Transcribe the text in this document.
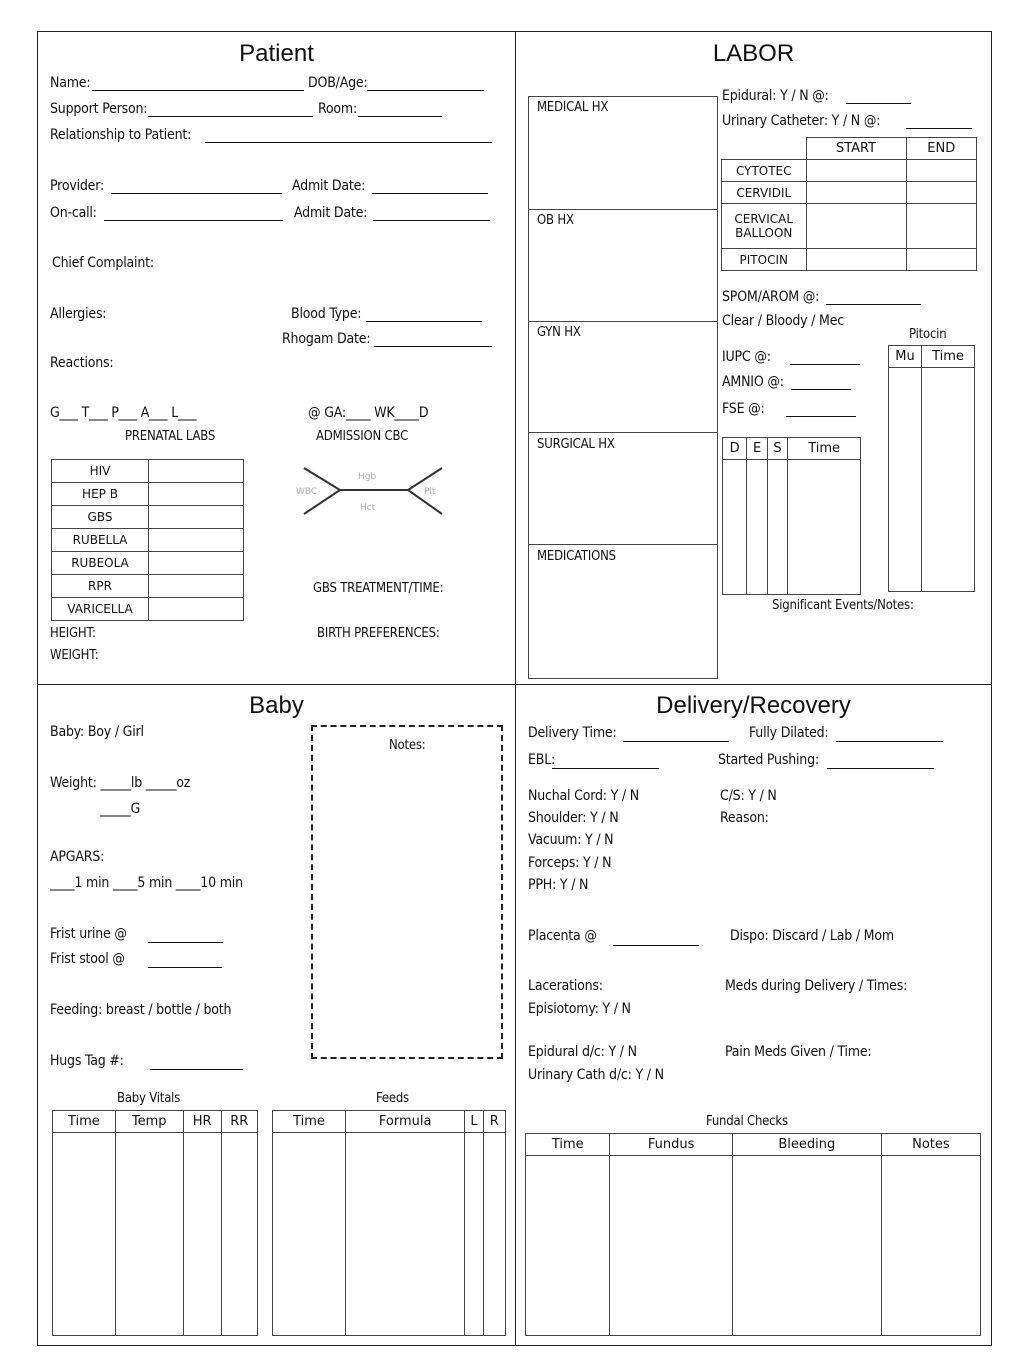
Patient
Name:	DOB/Age:
Support Person:	Room:
Relationship to Patient:
Provider:	Admit Date:
On-call:	Admit Date:
Chief Complaint:
Allergies:	Blood Type:
Rhogam Date:
Reactions:
G___ T___ P___ A___ L___	@ GA:____ WK____D
PRENATAL LABS	ADMISSION CBC
HIV	
HEP B	
GBS	
RUBELLA	
RUBEOLA	
RPR	
VARICELLA	
WBC
Hgb
Hct
Plt
GBS TREATMENT/TIME:
HEIGHT:	BIRTH PREFERENCES:
WEIGHT:
LABOR
MEDICAL HX
OB HX
GYN HX
SURGICAL HX
MEDICATIONS
Epidural: Y / N @:
Urinary Catheter: Y / N @:
	START	END
CYTOTEC		
CERVIDIL		
CERVICAL BALLOON		
PITOCIN		
SPOM/AROM @:
Clear / Bloody / Mec
Pitocin
IUPC @:
AMNIO @:
FSE @:
D	E	S	Time

Mu	Time

Significant Events/Notes:
Baby
Baby: Boy / Girl
Weight: _____lb _____oz
_____G
APGARS:
____1 min ____5 min ____10 min
Frist urine @
Frist stool @
Feeding: breast / bottle / both
Hugs Tag #:
Notes:
Baby Vitals
Time	Temp	HR	RR

Feeds
Time	Formula	L	R

Delivery/Recovery
Delivery Time:	Fully Dilated:
EBL:	Started Pushing:
Nuchal Cord: Y / N	C/S: Y / N
Shoulder: Y / N	Reason:
Vacuum: Y / N
Forceps: Y / N
PPH: Y / N
Placenta @	Dispo: Discard / Lab / Mom
Lacerations:	Meds during Delivery / Times:
Episiotomy: Y / N
Epidural d/c: Y / N	Pain Meds Given / Time:
Urinary Cath d/c: Y / N
Fundal Checks
Time	Fundus	Bleeding	Notes
